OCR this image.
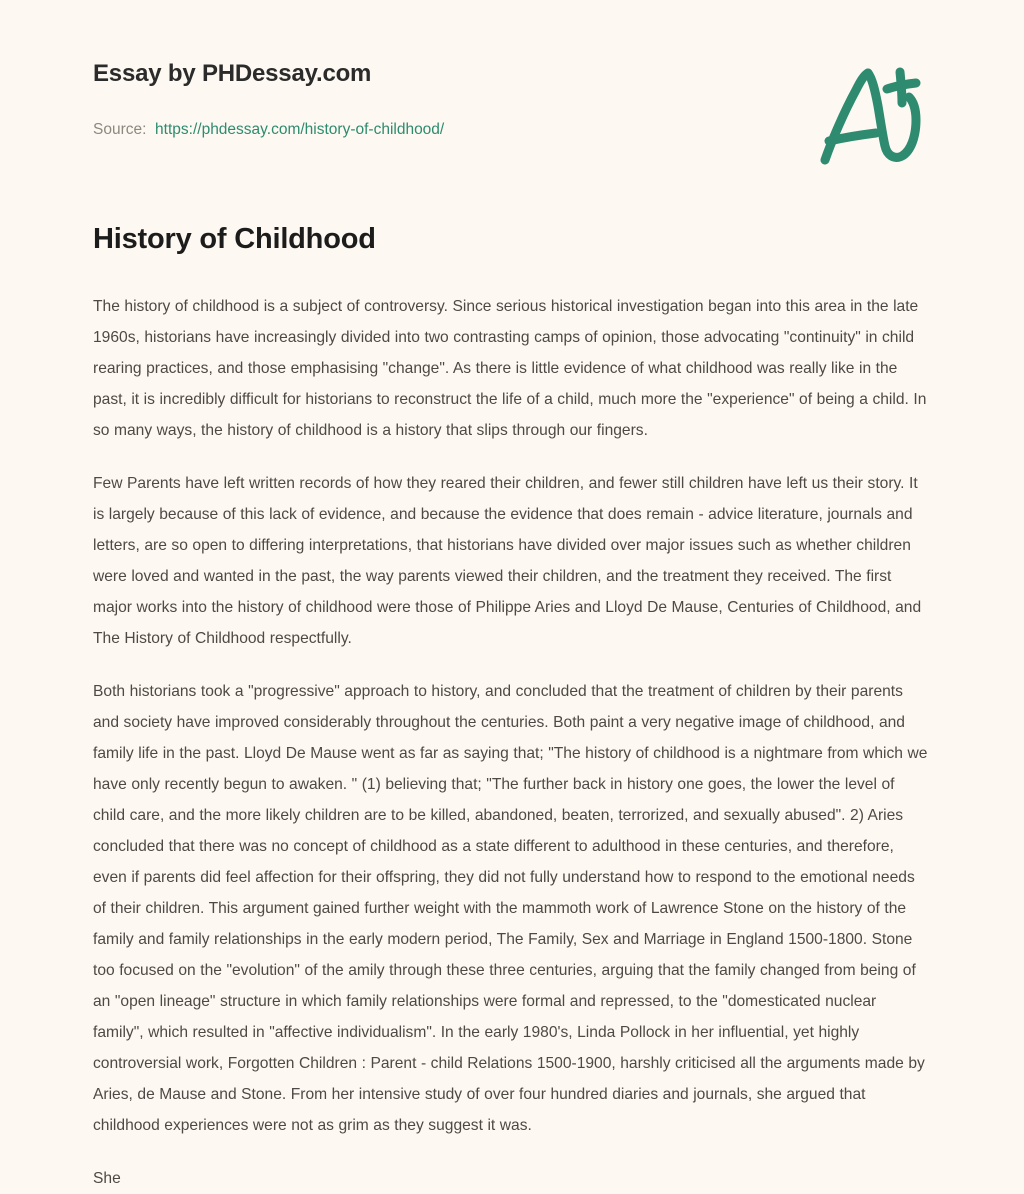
Essay by PHDessay.com
Source: https://phdessay.com/history-of-childhood/
History of Childhood

The history of childhood is a subject of controversy. Since serious historical investigation began into this area in the late 1960s, historians have increasingly divided into two contrasting camps of opinion, those advocating "continuity" in child rearing practices, and those emphasising "change". As there is little evidence of what childhood was really like in the past, it is incredibly difficult for historians to reconstruct the life of a child, much more the "experience" of being a child. In so many ways, the history of childhood is a history that slips through our fingers.

Few Parents have left written records of how they reared their children, and fewer still children have left us their story. It is largely because of this lack of evidence, and because the evidence that does remain - advice literature, journals and letters, are so open to differing interpretations, that historians have divided over major issues such as whether children were loved and wanted in the past, the way parents viewed their children, and the treatment they received. The first major works into the history of childhood were those of Philippe Aries and Lloyd De Mause, Centuries of Childhood, and The History of Childhood respectfully.

Both historians took a "progressive" approach to history, and concluded that the treatment of children by their parents and society have improved considerably throughout the centuries. Both paint a very negative image of childhood, and family life in the past. Lloyd De Mause went as far as saying that; "The history of childhood is a nightmare from which we have only recently begun to awaken. " (1) believing that; "The further back in history one goes, the lower the level of child care, and the more likely children are to be killed, abandoned, beaten, terrorized, and sexually abused". 2) Aries concluded that there was no concept of childhood as a state different to adulthood in these centuries, and therefore, even if parents did feel affection for their offspring, they did not fully understand how to respond to the emotional needs of their children. This argument gained further weight with the mammoth work of Lawrence Stone on the history of the family and family relationships in the early modern period, The Family, Sex and Marriage in England 1500-1800. Stone too focused on the "evolution" of the amily through these three centuries, arguing that the family changed from being of an "open lineage" structure in which family relationships were formal and repressed, to the "domesticated nuclear family", which resulted in "affective individualism". In the early 1980's, Linda Pollock in her influential, yet highly controversial work, Forgotten Children : Parent - child Relations 1500-1900, harshly criticised all the arguments made by Aries, de Mause and Stone. From her intensive study of over four hundred diaries and journals, she argued that childhood experiences were not as grim as they suggest it was.

She
